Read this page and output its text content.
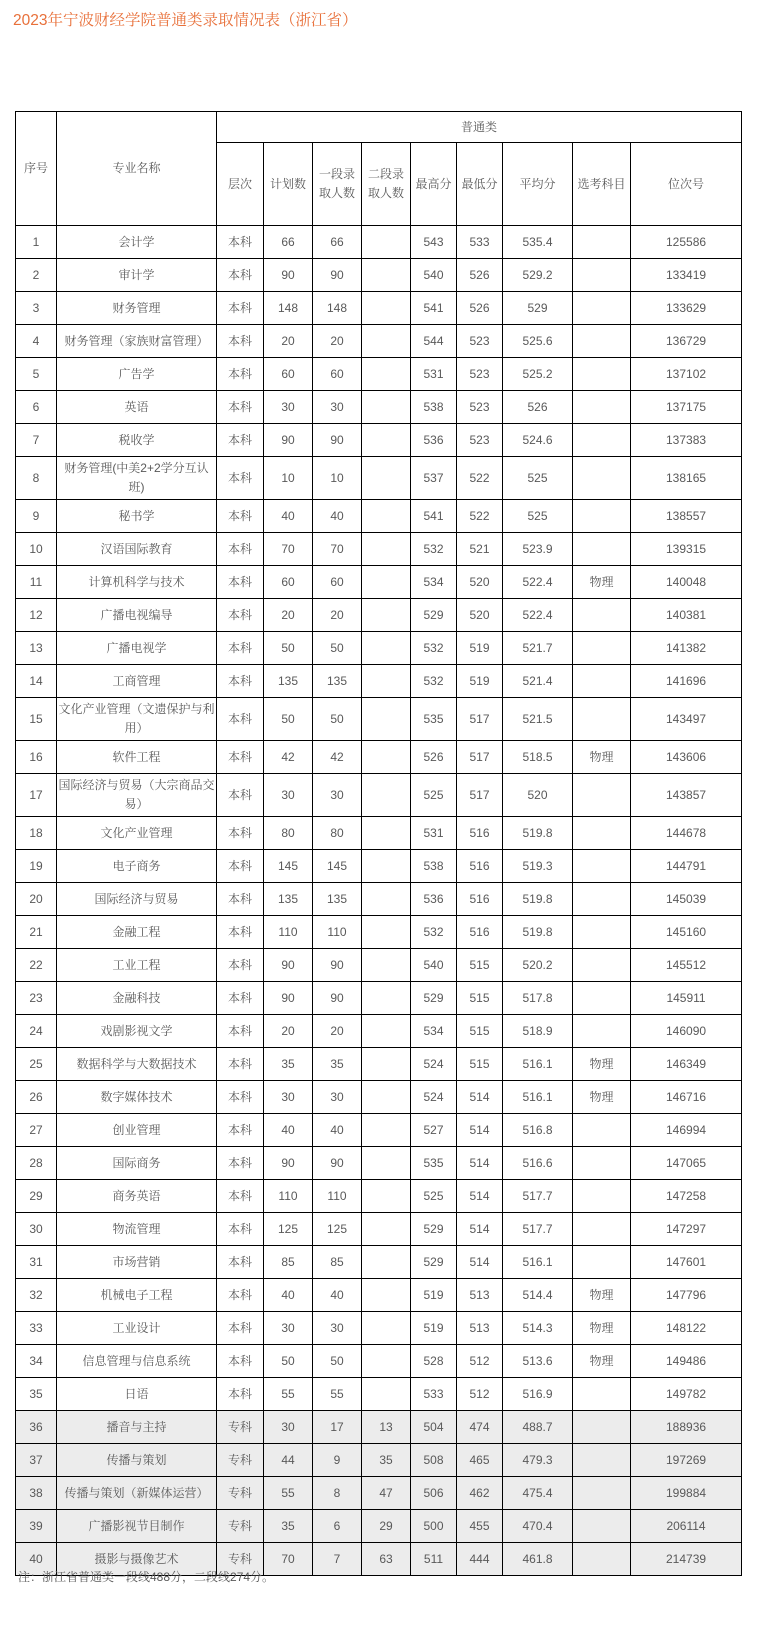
2023年宁波财经学院普通类录取情况表（浙江省）
序号	专业名称	普通类								
		层次	计划数	一段录取人数	二段录取人数	最高分	最低分	平均分	选考科目	位次号
1	会计学	本科	66	66		543	533	535.4		125586
2	审计学	本科	90	90		540	526	529.2		133419
3	财务管理	本科	148	148		541	526	529		133629
4	财务管理（家族财富管理）	本科	20	20		544	523	525.6		136729
5	广告学	本科	60	60		531	523	525.2		137102
6	英语	本科	30	30		538	523	526		137175
7	税收学	本科	90	90		536	523	524.6		137383
8	财务管理(中美2+2学分互认班)	本科	10	10		537	522	525		138165
9	秘书学	本科	40	40		541	522	525		138557
10	汉语国际教育	本科	70	70		532	521	523.9		139315
11	计算机科学与技术	本科	60	60		534	520	522.4	物理	140048
12	广播电视编导	本科	20	20		529	520	522.4		140381
13	广播电视学	本科	50	50		532	519	521.7		141382
14	工商管理	本科	135	135		532	519	521.4		141696
15	文化产业管理（文遗保护与利用）	本科	50	50		535	517	521.5		143497
16	软件工程	本科	42	42		526	517	518.5	物理	143606
17	国际经济与贸易（大宗商品交易）	本科	30	30		525	517	520		143857
18	文化产业管理	本科	80	80		531	516	519.8		144678
19	电子商务	本科	145	145		538	516	519.3		144791
20	国际经济与贸易	本科	135	135		536	516	519.8		145039
21	金融工程	本科	110	110		532	516	519.8		145160
22	工业工程	本科	90	90		540	515	520.2		145512
23	金融科技	本科	90	90		529	515	517.8		145911
24	戏剧影视文学	本科	20	20		534	515	518.9		146090
25	数据科学与大数据技术	本科	35	35		524	515	516.1	物理	146349
26	数字媒体技术	本科	30	30		524	514	516.1	物理	146716
27	创业管理	本科	40	40		527	514	516.8		146994
28	国际商务	本科	90	90		535	514	516.6		147065
29	商务英语	本科	110	110		525	514	517.7		147258
30	物流管理	本科	125	125		529	514	517.7		147297
31	市场营销	本科	85	85		529	514	516.1		147601
32	机械电子工程	本科	40	40		519	513	514.4	物理	147796
33	工业设计	本科	30	30		519	513	514.3	物理	148122
34	信息管理与信息系统	本科	50	50		528	512	513.6	物理	149486
35	日语	本科	55	55		533	512	516.9		149782
36	播音与主持	专科	30	17	13	504	474	488.7		188936
37	传播与策划	专科	44	9	35	508	465	479.3		197269
38	传播与策划（新媒体运营）	专科	55	8	47	506	462	475.4		199884
39	广播影视节目制作	专科	35	6	29	500	455	470.4		206114
40	摄影与摄像艺术	专科	70	7	63	511	444	461.8		214739
注：浙江省普通类一段线488分，二段线274分。
